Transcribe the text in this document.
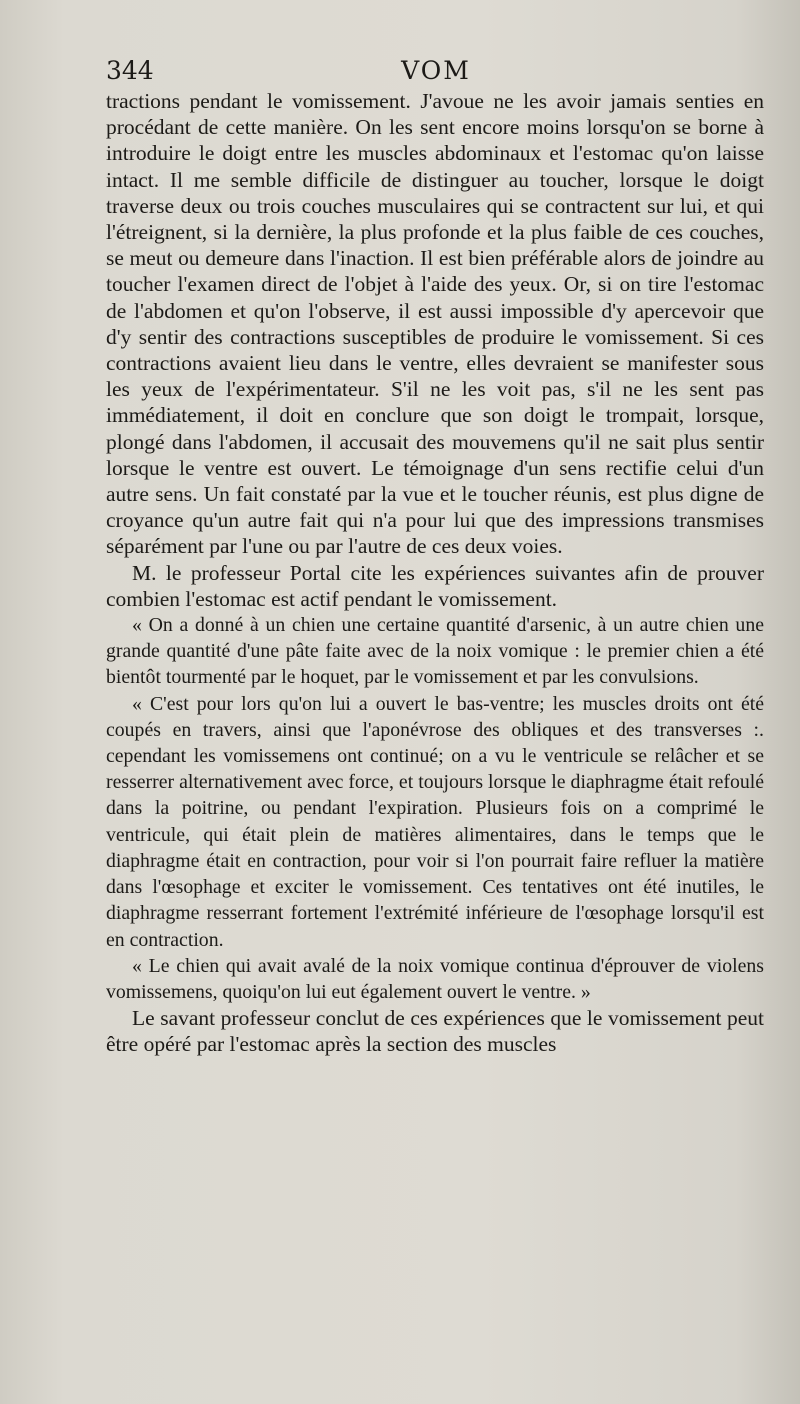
344	VOM

tractions pendant le vomissement. J'avoue ne les avoir jamais senties en procédant de cette manière. On les sent encore moins lorsqu'on se borne à introduire le doigt entre les muscles abdominaux et l'estomac qu'on laisse intact. Il me semble difficile de distinguer au toucher, lorsque le doigt traverse deux ou trois couches musculaires qui se contractent sur lui, et qui l'étreignent, si la dernière, la plus profonde et la plus faible de ces couches, se meut ou demeure dans l'inaction. Il est bien préférable alors de joindre au toucher l'examen direct de l'objet à l'aide des yeux. Or, si on tire l'estomac de l'abdomen et qu'on l'observe, il est aussi impossible d'y apercevoir que d'y sentir des contractions susceptibles de produire le vomissement. Si ces contractions avaient lieu dans le ventre, elles devraient se manifester sous les yeux de l'expérimentateur. S'il ne les voit pas, s'il ne les sent pas immédiatement, il doit en conclure que son doigt le trompait, lorsque, plongé dans l'abdomen, il accusait des mouvemens qu'il ne sait plus sentir lorsque le ventre est ouvert. Le témoignage d'un sens rectifie celui d'un autre sens. Un fait constaté par la vue et le toucher réunis, est plus digne de croyance qu'un autre fait qui n'a pour lui que des impressions transmises séparément par l'une ou par l'autre de ces deux voies.

M. le professeur Portal cite les expériences suivantes afin de prouver combien l'estomac est actif pendant le vomissement.

« On a donné à un chien une certaine quantité d'arsenic, à un autre chien une grande quantité d'une pâte faite avec de la noix vomique : le premier chien a été bientôt tourmenté par le hoquet, par le vomissement et par les convulsions.

« C'est pour lors qu'on lui a ouvert le bas-ventre; les muscles droits ont été coupés en travers, ainsi que l'aponévrose des obliques et des transverses :. cependant les vomissemens ont continué; on a vu le ventricule se relâcher et se resserrer alternativement avec force, et toujours lorsque le diaphragme était refoulé dans la poitrine, ou pendant l'expiration. Plusieurs fois on a comprimé le ventricule, qui était plein de matières alimentaires, dans le temps que le diaphragme était en contraction, pour voir si l'on pourrait faire refluer la matière dans l'œsophage et exciter le vomissement. Ces tentatives ont été inutiles, le diaphragme resserrant fortement l'extrémité inférieure de l'œsophage lorsqu'il est en contraction.

« Le chien qui avait avalé de la noix vomique continua d'éprouver de violens vomissemens, quoiqu'on lui eut également ouvert le ventre. »

Le savant professeur conclut de ces expériences que le vomissement peut être opéré par l'estomac après la section des muscles
